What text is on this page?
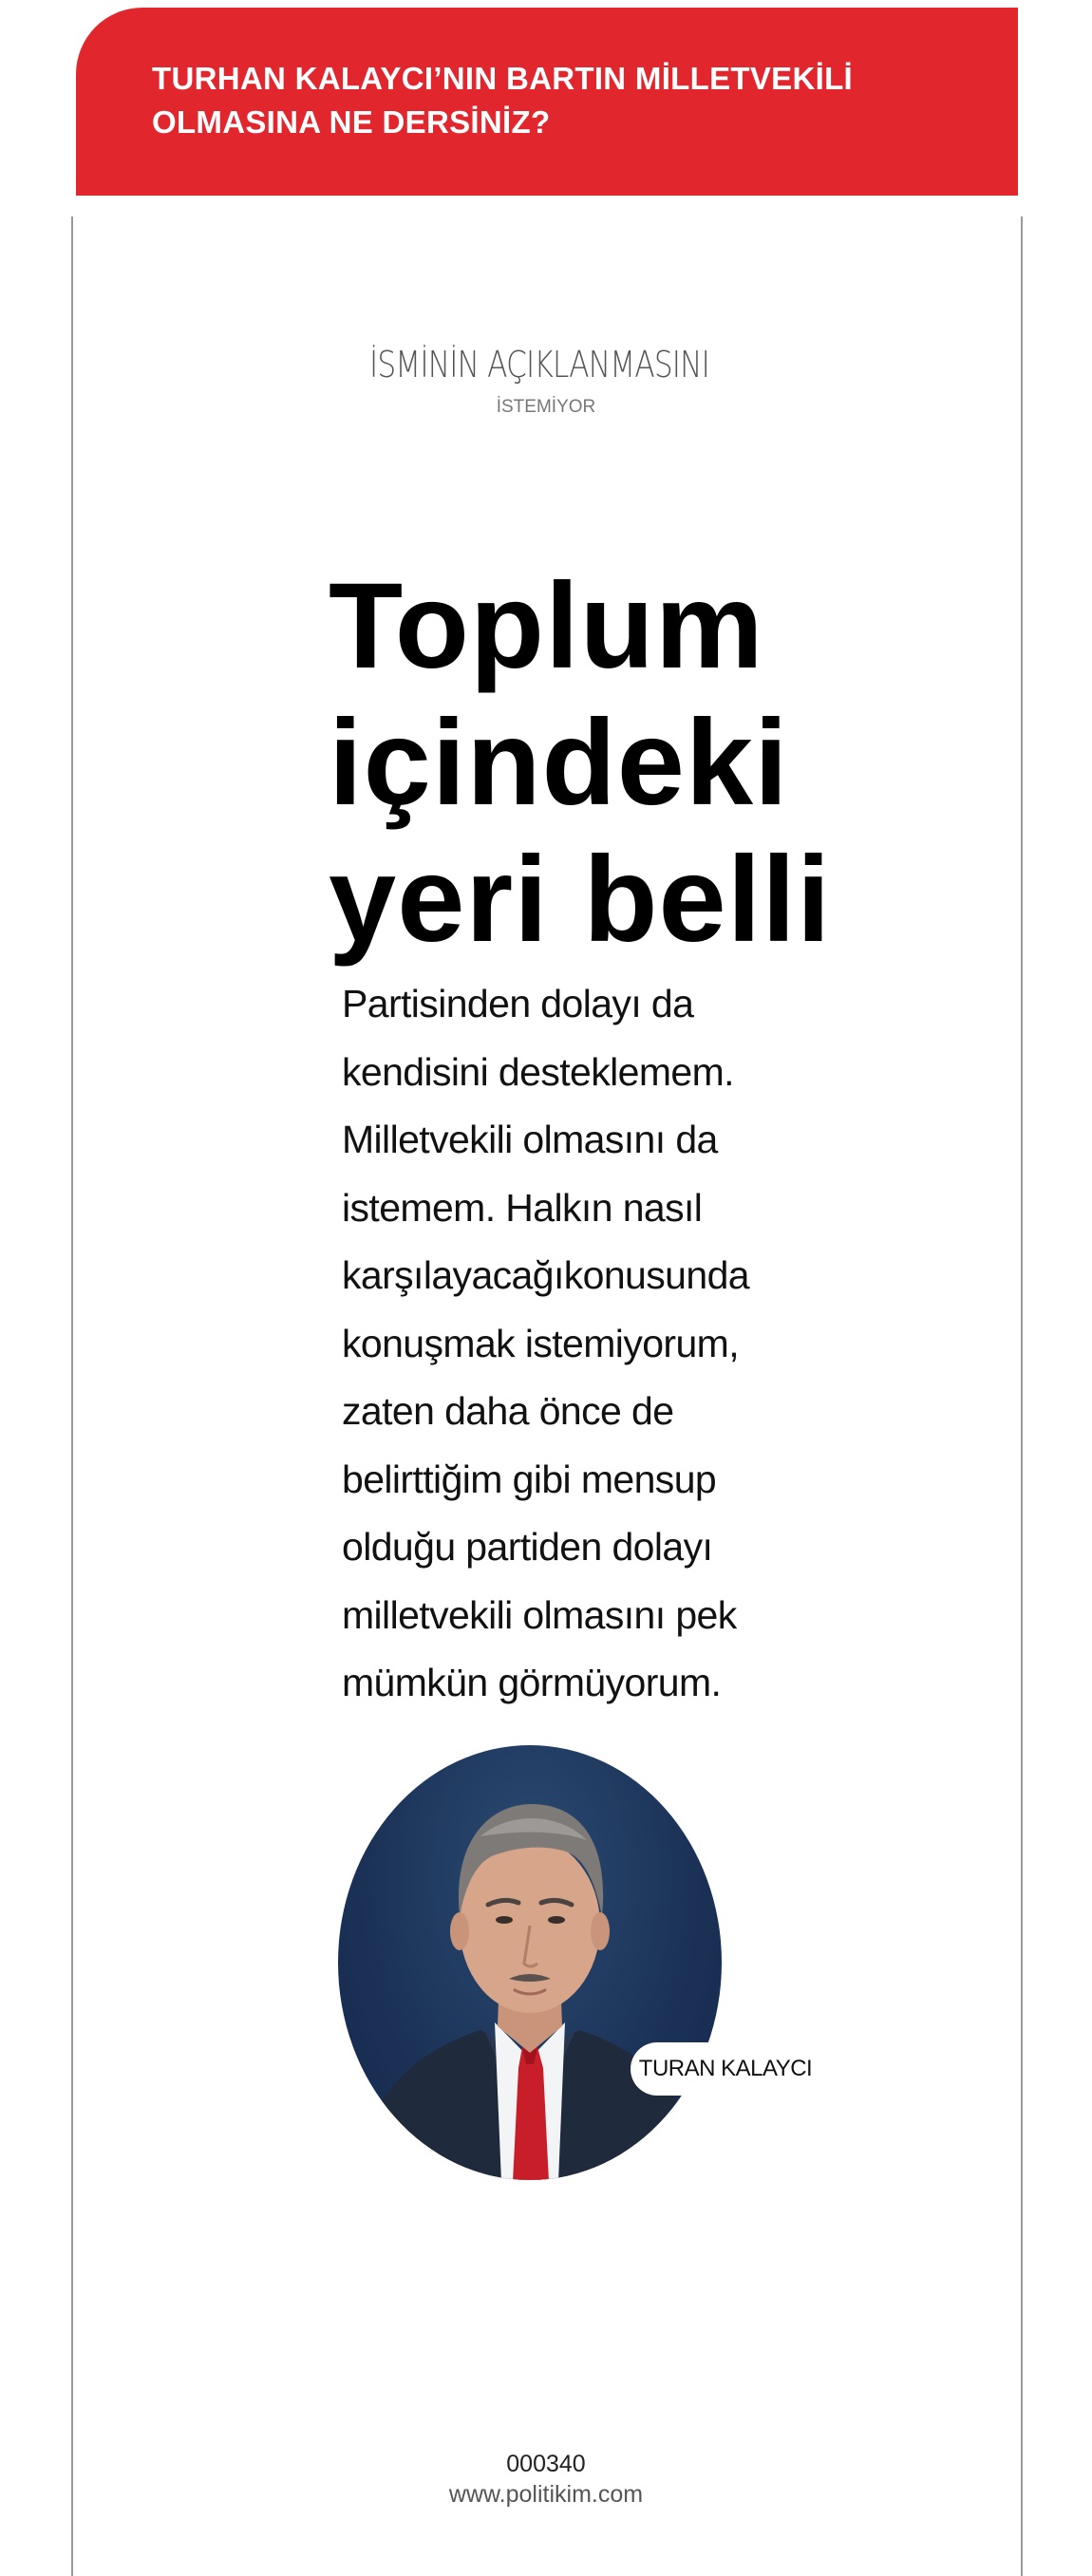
TURHAN KALAYCI’NIN BARTIN MİLLETVEKİLİ OLMASINA NE DERSİNİZ?
İSMİNİN AÇIKLANMASINI
İSTEMİYOR
Toplum
içindeki
yeri belli
Partisinden dolayı da
kendisini desteklemem.
Milletvekili olmasını da
istemem. Halkın nasıl
karşılayacağıkonusunda
konuşmak istemiyorum,
zaten daha önce de
belirttiğim gibi mensup
olduğu partiden dolayı
milletvekili olmasını pek
mümkün görmüyorum.
TURAN KALAYCI
000340
www.politikim.com
